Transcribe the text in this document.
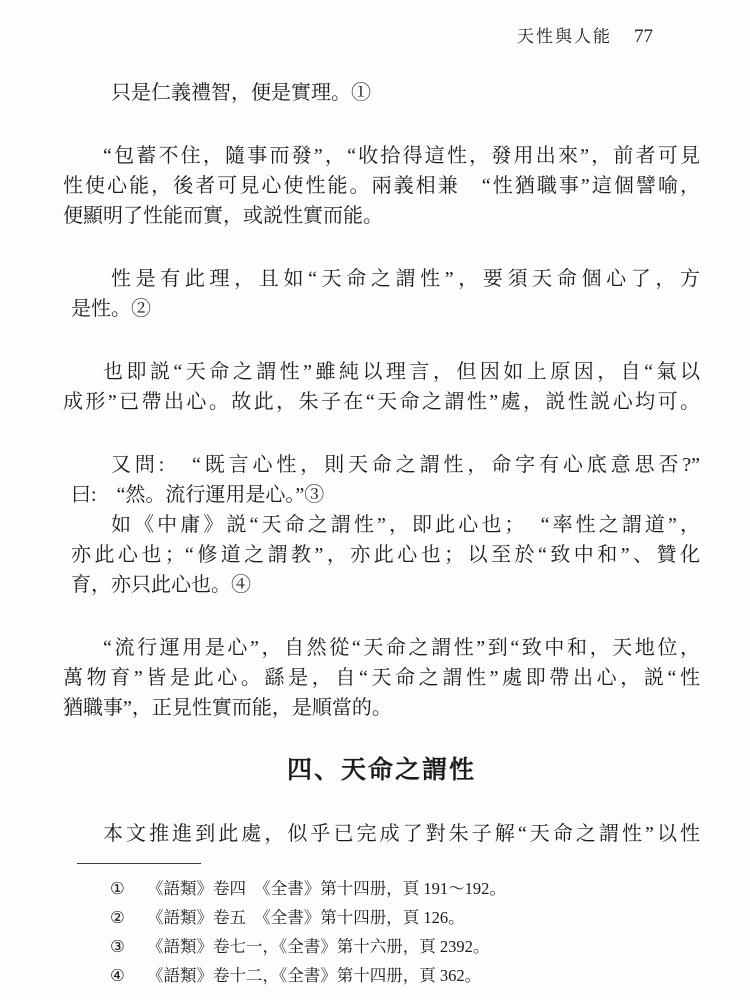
天性與人能 77
只是仁義禮智，便是實理。①
“包蓄不住，隨事而發”，“收拾得這性，發用出來”，前者可見
性使心能，後者可見心使性能。兩義相兼　“性猶職事”這個譬喻，
便顯明了性能而實，或説性實而能。
性是有此理，且如“天命之謂性”，要須天命個心了，方
是性。②
也即説“天命之謂性”雖純以理言，但因如上原因，自“氣以
成形”已帶出心。故此，朱子在“天命之謂性”處，説性説心均可。
又問:　“既言心性，則天命之謂性，命字有心底意思否?”
曰:　“然。流行運用是心。”③
如《中庸》説“天命之謂性”，即此心也；　“率性之謂道”，
亦此心也；“修道之謂教”，亦此心也；以至於“致中和”、贊化
育，亦只此心也。④
“流行運用是心”，自然從“天命之謂性”到“致中和，天地位，
萬物育”皆是此心。繇是，自“天命之謂性”處即帶出心，説“性
猶職事”，正見性實而能，是順當的。
四、天命之謂性
本文推進到此處，似乎已完成了對朱子解“天命之謂性”以性
①	《語類》卷四　《全書》第十四册，頁 191～192。
②	《語類》卷五　《全書》第十四册，頁 126。
③	《語類》卷七一，《全書》第十六册，頁 2392。
④	《語類》卷十二，《全書》第十四册，頁 362。
